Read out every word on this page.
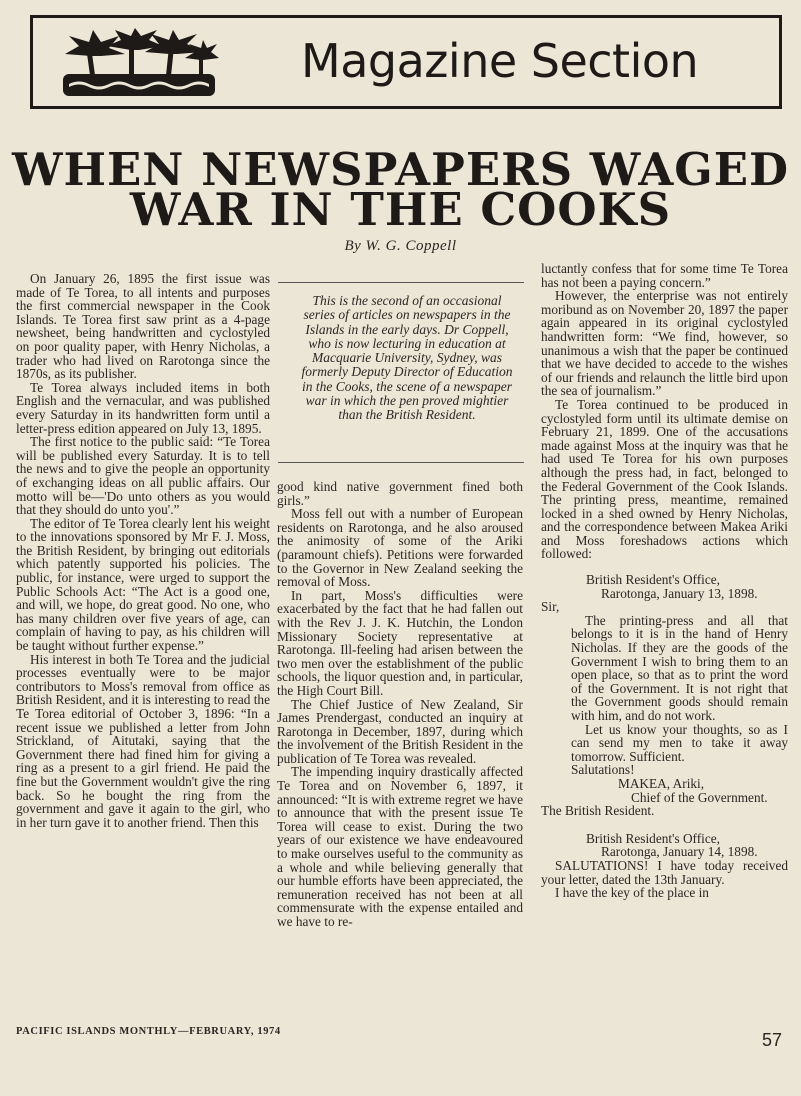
Magazine Section
WHEN NEWSPAPERS WAGED
WAR IN THE COOKS
By W. G. Coppell

On January 26, 1895 the first issue was made of Te Torea, to all intents and purposes the first commercial newspaper in the Cook Islands. Te Torea first saw print as a 4-page newsheet, being handwritten and cyclostyled on poor quality paper, with Henry Nicholas, a trader who had lived on Rarotonga since the 1870s, as its publisher.

Te Torea always included items in both English and the vernacular, and was published every Saturday in its handwritten form until a letter-press edition appeared on July 13, 1895.

The first notice to the public said: “Te Torea will be published every Saturday. It is to tell the news and to give the people an opportunity of exchanging ideas on all public affairs. Our motto will be—'Do unto others as you would that they should do unto you'.”

The editor of Te Torea clearly lent his weight to the innovations sponsored by Mr F. J. Moss, the British Resident, by bringing out editorials which patently supported his policies. The public, for instance, were urged to support the Public Schools Act: “The Act is a good one, and will, we hope, do great good. No one, who has many children over five years of age, can complain of having to pay, as his children will be taught without further expense.”

His interest in both Te Torea and the judicial processes eventually were to be major contributors to Moss's removal from office as British Resident, and it is interesting to read the Te Torea editorial of October 3, 1896: “In a recent issue we published a letter from John Strickland, of Aitutaki, saying that the Government there had fined him for giving a ring as a present to a girl friend. He paid the fine but the Government wouldn't give the ring back. So he bought the ring from the government and gave it again to the girl, who in her turn gave it to another friend. Then this

This is the second of an occasional series of articles on newspapers in the Islands in the early days. Dr Coppell, who is now lecturing in education at Macquarie University, Sydney, was formerly Deputy Director of Education in the Cooks, the scene of a newspaper war in which the pen proved mightier than the British Resident.

good kind native government fined both girls.”

Moss fell out with a number of European residents on Rarotonga, and he also aroused the animosity of some of the Ariki (paramount chiefs). Petitions were forwarded to the Governor in New Zealand seeking the removal of Moss.

In part, Moss's difficulties were exacerbated by the fact that he had fallen out with the Rev J. J. K. Hutchin, the London Missionary Society representative at Rarotonga. Ill-feeling had arisen between the two men over the establishment of the public schools, the liquor question and, in particular, the High Court Bill.

The Chief Justice of New Zealand, Sir James Prendergast, conducted an inquiry at Rarotonga in December, 1897, during which the involvement of the British Resident in the publication of Te Torea was revealed.

The impending inquiry drastically affected Te Torea and on November 6, 1897, it announced: “It is with extreme regret we have to announce that with the present issue Te Torea will cease to exist. During the two years of our existence we have endeavoured to make ourselves useful to the community as a whole and while believing generally that our humble efforts have been appreciated, the remuneration received has not been at all commensurate with the expense entailed and we have to re-

luctantly confess that for some time Te Torea has not been a paying concern.”

However, the enterprise was not entirely moribund as on November 20, 1897 the paper again appeared in its original cyclostyled handwritten form: “We find, however, so unanimous a wish that the paper be continued that we have decided to accede to the wishes of our friends and relaunch the little bird upon the sea of journalism.”

Te Torea continued to be produced in cyclostyled form until its ultimate demise on February 21, 1899. One of the accusations made against Moss at the inquiry was that he had used Te Torea for his own purposes although the press had, in fact, belonged to the Federal Government of the Cook Islands. The printing press, meantime, remained locked in a shed owned by Henry Nicholas, and the correspondence between Makea Ariki and Moss foreshadows actions which followed:

British Resident's Office,

Rarotonga, January 13, 1898.

Sir,

The printing-press and all that belongs to it is in the hand of Henry Nicholas. If they are the goods of the Government I wish to bring them to an open place, so that as to print the word of the Government. It is not right that the Government goods should remain with him, and do not work.

Let us know your thoughts, so as I can send my men to take it away tomorrow. Sufficient.

Salutations!

MAKEA, Ariki,

Chief of the Government.

The British Resident.

British Resident's Office,

Rarotonga, January 14, 1898.

SALUTATIONS! I have today received your letter, dated the 13th January.

I have the key of the place in

PACIFIC ISLANDS MONTHLY—FEBRUARY, 1974	57
